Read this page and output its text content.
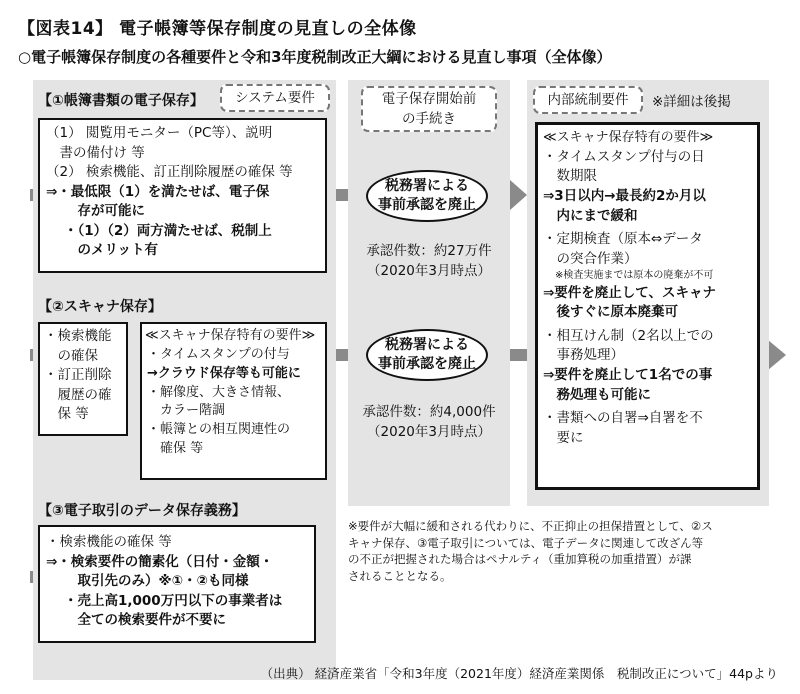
【図表14】 電子帳簿等保存制度の見直しの全体像
○電子帳簿保存制度の各種要件と令和3年度税制改正大綱における見直し事項（全体像）
【①帳簿書類の電子保存】	システム要件
（1） 閲覧用モニター（PC等）、説明
　書の備付け 等
（2） 検索機能、訂正削除履歴の確保 等
⇒・最低限（1）を満たせば、電子保
　存が可能に
・（1）（2）両方満たせば、税制上
　のメリット有
電子保存開始前
の手続き
税務署による
事前承認を廃止
承認件数：約27万件
（2020年3月時点）
【②スキャナ保存】
・検索機能
　の確保
・訂正削除
　履歴の確
　保 等
≪スキャナ保存特有の要件≫
・タイムスタンプの付与
→クラウド保存等も可能に
・解像度、大きさ情報、
　カラー階調
・帳簿との相互関連性の
　確保 等
税務署による
事前承認を廃止
承認件数：約4,000件
（2020年3月時点）
内部統制要件	※詳細は後掲
≪スキャナ保存特有の要件≫
・タイムスタンプ付与の日
　数期限
⇒3日以内→最長約2か月以
　内にまで緩和
・定期検査（原本⇔データ
　の突合作業）
※検査実施までは原本の廃棄が不可
⇒要件を廃止して、スキャナ
　後すぐに原本廃棄可
・相互けん制（2名以上での
　事務処理）
⇒要件を廃止して1名での事
　務処理も可能に
・書類への自署⇒自署を不
　要に
【③電子取引のデータ保存義務】
・検索機能の確保 等
⇒・検索要件の簡素化（日付・金額・
　取引先のみ）※①・②も同様
・売上高1,000万円以下の事業者は
　全ての検索要件が不要に
※要件が大幅に緩和される代わりに、不正抑止の担保措置として、②ス
キャナ保存、③電子取引については、電子データに関連して改ざん等
の不正が把握された場合はペナルティ（重加算税の加重措置）が課
されることとなる。
（出典） 経済産業省「令和3年度（2021年度）経済産業関係　税制改正について」44pより
